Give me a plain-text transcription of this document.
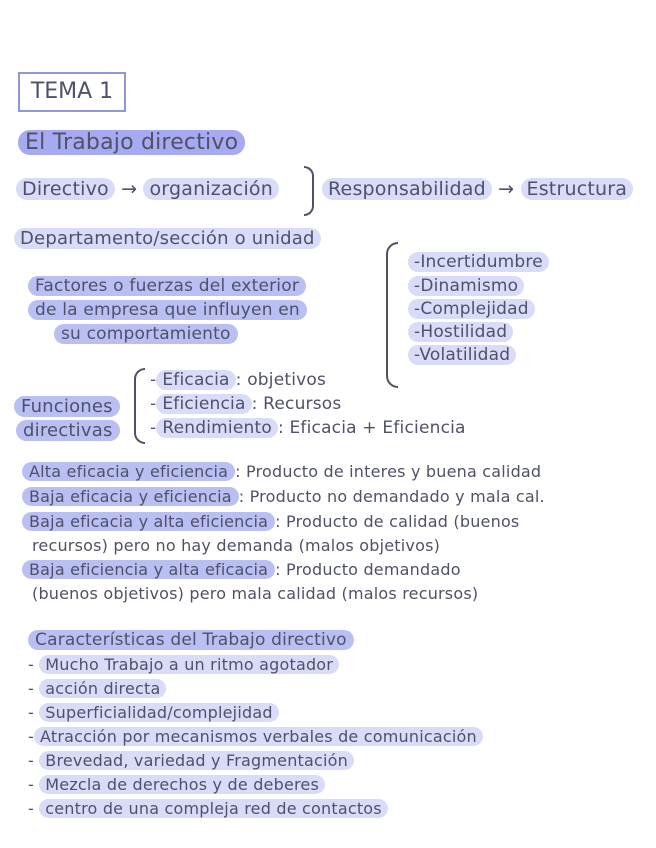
TEMA 1
El Trabajo directivo
Directivo → organización	Responsabilidad → Estructura
Departamento/sección o unidad
Factores o fuerzas del exterior
de la empresa que influyen en
su comportamiento
-Incertidumbre
-Dinamismo
-Complejidad
-Hostilidad
-Volatilidad
Funciones
directivas
- Eficacia : objetivos
- Eficiencia : Recursos
- Rendimiento : Eficacia + Eficiencia
Alta eficacia y eficiencia : Producto de interes y buena calidad
Baja eficacia y eficiencia : Producto no demandado y mala cal.
Baja eficacia y alta eficiencia : Producto de calidad (buenos
recursos) pero no hay demanda (malos objetivos)
Baja eficiencia y alta eficacia : Producto demandado
(buenos objetivos) pero mala calidad (malos recursos)
Características del Trabajo directivo
- Mucho Trabajo a un ritmo agotador
- acción directa
- Superficialidad/complejidad
- Atracción por mecanismos verbales de comunicación
- Brevedad, variedad y Fragmentación
- Mezcla de derechos y de deberes
- centro de una compleja red de contactos
